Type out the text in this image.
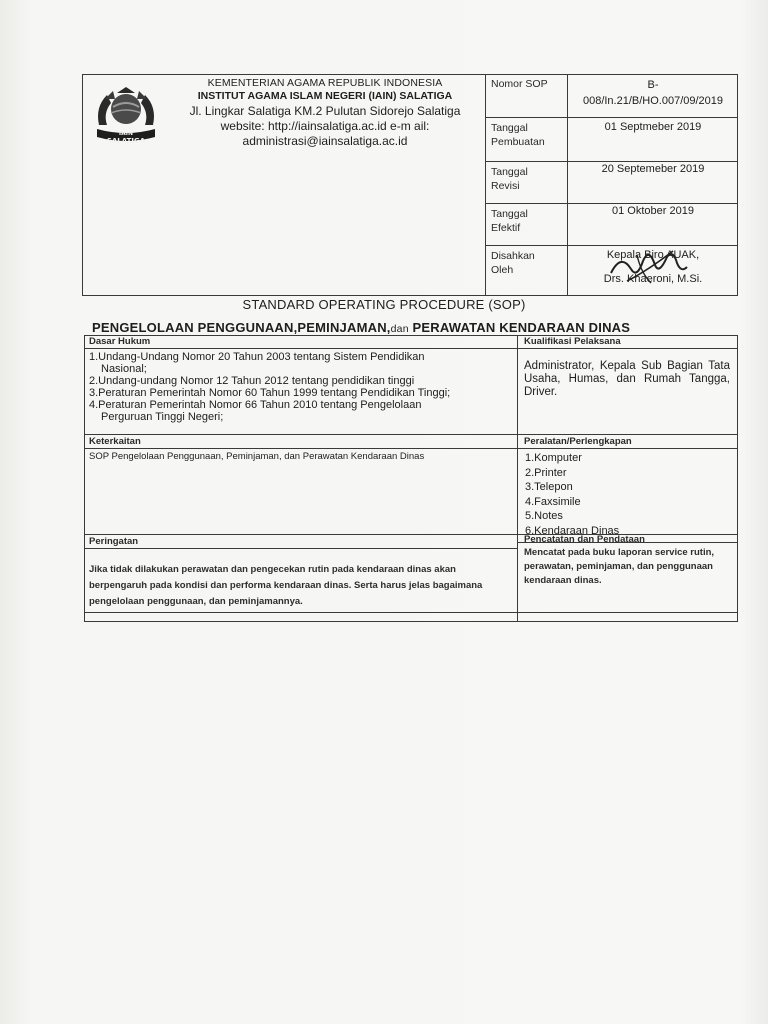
IAIN
SALATIGA
KEMENTERIAN AGAMA REPUBLIK INDONESIA
INSTITUT AGAMA ISLAM NEGERI (IAIN) SALATIGA
Jl. Lingkar Salatiga KM.2 Pulutan Sidorejo Salatiga
website: http://iainsalatiga.ac.id e-m ail:
administrasi@iainsalatiga.ac.id
Nomor SOP	B-
008/In.21/B/HO.007/09/2019
Tanggal
Pembuatan
01 Septmeber 2019
Tanggal
Revisi
20 Septemeber 2019
Tanggal
Efektif
01 Oktober 2019
Disahkan
Oleh
Kepala Biro AUAK,
Drs. Khaeroni, M.Si.
STANDARD OPERATING PROCEDURE (SOP)
PENGELOLAAN PENGGUNAAN,PEMINJAMAN,dan PERAWATAN KENDARAAN DINAS
Dasar Hukum
1.Undang-Undang Nomor 20 Tahun 2003 tentang Sistem Pendidikan
Nasional;
2.Undang-undang Nomor 12 Tahun 2012 tentang pendidikan tinggi
3.Peraturan Pemerintah Nomor 60 Tahun 1999 tentang Pendidikan Tinggi;
4.Peraturan Pemerintah Nomor 66 Tahun 2010 tentang Pengelolaan
Perguruan Tinggi Negeri;
Kualifikasi Pelaksana
Administrator, Kepala Sub Bagian Tata Usaha, Humas, dan Rumah Tangga, Driver.
Keterkaitan
SOP Pengelolaan Penggunaan, Peminjaman, dan Perawatan Kendaraan Dinas
Peralatan/Perlengkapan
1.Komputer
2.Printer
3.Telepon
4.Faxsimile
5.Notes
6.Kendaraan Dinas
Peringatan
Jika tidak dilakukan perawatan dan pengecekan rutin pada kendaraan dinas akan berpengaruh pada kondisi dan performa kendaraan dinas. Serta harus jelas bagaimana pengelolaan penggunaan, dan peminjamannya.
Pencatatan dan Pendataan
Mencatat pada buku laporan service rutin, perawatan, peminjaman, dan penggunaan kendaraan dinas.
